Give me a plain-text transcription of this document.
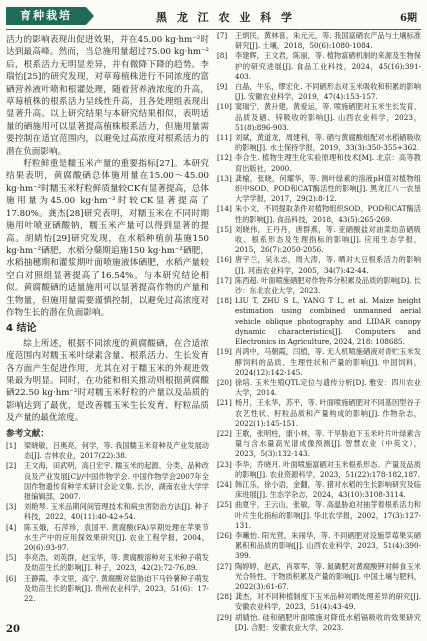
育种栽培	黑 龙 江 农 业 科 学	6期

活力的影响表现出促进效果，并在45.00 kg·hm⁻²时达到最高峰。然而，当总施用量超过75.00 kg·hm⁻²后，根系活力无明显差异，并有微降下降的趋势。李瑞怡[25]的研究发现，对草莓植株进行不同浓度的富硒营养液叶喷和根灌处理，随着营养液浓度的升高，草莓植株的根系活力呈线性升高，且各处理组表现出显著升高。以上研究结果与本研究结果相似，表明适量的硒施用可以显著提高植株根系活力，但施用量需要控制在适宜范围内，以避免过高浓度对根系活力的潜在负面影响。

籽粒鲜重是糯玉米产量的重要指标[27]。本研究结果表明，黄腐酸硒总体施用量在15.00～45.00 kg·hm⁻²时糯玉米籽粒鲜质量较CK有显著提高，总体施用量为45.00 kg·hm⁻²时较CK显著提高了17.80%。龚杰[28]研究表明，对糯玉米在不同时期施用叶喷亚硒酸钠，糯玉米产量可以得到显著的提高。胡婧怡[29]研究发现，在水稻种植前基施150 kg·hm⁻²硒肥，水稻分蘖期追施150 kg·hm⁻²硒肥，水稻抽穗期和灌浆期叶面喷施液体硒肥，水稻产量较空白对照组显著提高了16.54%。与本研究结论相似。黄腐酸硒的适量施用可以显著提高作物的产量和生物量，但施用量需要谨慎控制，以避免过高浓度对作物生长的潜在负面影响。

4 结论

综上所述，根据不同浓度的黄腐酸硒，在合适浓度范围内对糯玉米叶绿素含量、根系活力、生长发育各方面产生促进作用，尤其在对于糯玉米的外观进效果最为明显。同时，在功能和相关推动则根据黄腐酸硒22.50 kg·hm⁻²时对糯玉米籽粒的产量以及品质的影响达到了最优，是改善糯玉米生长发育、籽粒品质及产量的最优浓度。

参考文献：
[1]	梁晓敏，吕奥亮，何学，等. 我国糯玉米育种及产业发展动态[J]. 吉林农业，2017(22):38.
[2]	王文海，田武明，高日宏宇. 糯玉米的起源、分类、品种改良及产业发展[C]//中国作物学会. 中国作物学会2007年全国作物遗传育种学术研讨会论文集. 长沙，湖南农业大学学报编辑部，2007.
[3]	刘艳琴. 玉米品期间间管理技术和病虫害防治方法[J]. 种子科技，2022，40(11):40-42+54.
[4]	陈玉娥，石萍珍，袁国平. 黄腐酸(FA)早期处理在苹果节水生产中的应用探效果研究[J]. 农业工程学报，2004，20(6):93-97.
[5]	李亮浩，刘英群，赵宝华，等. 黄腐酸溶种对玉米种子萌发及幼苗生长的影响[J]. 种子，2023，42(2):72-76,89.
[6]	王静霞，李文里，高宁. 黄腐酸对盐胁迫下马铃薯种子萌发及幼苗生长的影响[J]. 贵州农业科学，2023，51(6)：17-22.
[7]	王炳民，黄林喜，朱元元，等. 我国富硒农产品与土壤标准研究[J]. 土壤，2018，50(6):1080-1084.
[8]	李建辉，王文君，陈丽，等. 植物富硒机制的来源及生物保护的研究进展[J]. 食品工业科技，2024，45(16):391-403.
[9]	白晶，牛乐，缪宏化. 不同硒形态对玉米吸收和积累的影响[J]. 安徽农业科学，2019，47(4):153-157.
[10] 窦瑞宁，黄升建，黄爱运，等. 喷施硒肥对玉米生长发育、品质及硒、锌吸收的影响[J]. 山西农业科学，2023，51(8):896-903.
[11] 刘斌，黄道龙，周建利，等. 硒与黄腐酸组配对水稻硒吸收的影响[J]. 水土保持学报，2019，33(3):350-355+362.
[12] 李合生. 植物生理生化实验原理和技术[M]. 北京：高等教育出版社，2000.
[13] 龚榆，张晓，何耀华，等. 测叶绿素的溶液pH值对植物组织中SOD、POD和CAT酶活性的影响[J]. 黑龙江八一农垦大学学报，2017，29(2):8-12.
[14] 朱小文，不同提取条件对植物组织SOD、POD和CAT酶活性的影响[J]. 食品科技，2018，43(5):265-269.
[15] 刘晓伟，王丹丹，唐群燕，等. 亚硒酸盐对油菜幼苗硒吸收、根系形态及生理指标的影响[J]. 应用生态学报，2015，26(7):2050-2056.
[16] 唐宇兰，吴永志，周大涛，等. 晒对大豆根系活力的影响[J]. 河南农业科学，2005，34(7):42-44.
[17] 陈西超. 叶面喷施硒肥对作物养分积累及品质的影响[D]. 长沙：东北农业大学，2023.
[18] LIU T, ZHU S L, YANG T L, et al. Maize height estimation using combined unmanned aerial vehicle oblique photography and LIDAR canopy dynamic characteristics[J]. Computers and Electronics in Agriculture, 2024, 218: 108685.
[19] 肖鸿中，马朝霞，闫植，等. 无人机喷施硒液对青贮玉米发酵饲料的品质、生理性状和产量的影响[J]. 中国饲料，2024(12):142-145.
[20] 徐培. 玉米生殖QTL定位与遗传分析[D]. 雅安：四川农业大学，2014.
[21] 杨月，王永华，苏平，等. 叶面喷施硒肥对不同基因型谷子农艺性状、籽粒品质和产量构成的影响[J]. 作物杂志，2022(1):145-151.
[22] 王歌，张明柱，康小林，等. 干旱胁迫下玉米叶片叶绿素含量与含水量高光谱成像预测[J]. 智慧农业（中英文），2023，5(3):132-143.
[23] 李华，乔晓月. 叶面喷施富硒对玉米根系形态、产量及品质的影响[J]. 农业资源科学，2023，51(22):178-182,187.
[24] 韩江乐，徐小语，金翻，等. 猪对水稻的生长影响研究及临床进展[J]. 生态学杂志，2024，43(10):3108-3114.
[25] 曲夏宇，王云山，张敏，等. 高温胁迫对抽芽着根系活力和叶片生化指标的影响[J]. 华北农学报，2002，17(3):127-131.
[26] 李曦怡. 阳光营，朱闹华，等. 不同硒肥对设施草莓果实硒累积和品质的影响[J]. 山西农业科学，2023，51(4):390-399.
[27] 陶婷婷，赵武，肖翠军，等. 氮磷肥对黄腐酸钾对鲜食玉米光合特性、干物质积累及产量的影响[J]. 中国土壤与肥料，2022(3):61-67.
[28] 龚杰，对不同种植制度下玉米品种对晒处理差异的研究[J]. 安徽农业科学，2023，51(4):43-49.
[29] 胡婧怡. 硅和硒肥叶面喷施对降低水稻镉吸收的效果研究[D]. 合肥：安徽农业大学，2023.
20
